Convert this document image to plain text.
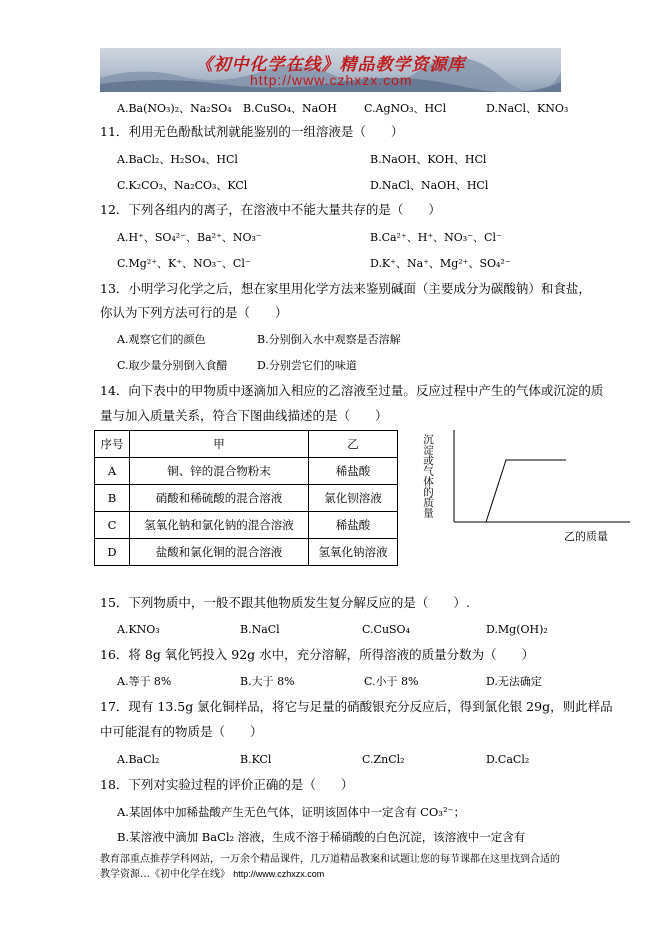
《初中化学在线》精品教学资源库
http://www.czhxzx.com
A.Ba(NO₃)₂、Na₂SO₄ B.CuSO₄、NaOH C.AgNO₃、HCl	D.NaCl、KNO₃
11．利用无色酚酞试剂就能鉴别的一组溶液是（　　）
A.BaCl₂、H₂SO₄、HCl	B.NaOH、KOH、HCl
C.K₂CO₃、Na₂CO₃、KCl	D.NaCl、NaOH、HCl
12．下列各组内的离子，在溶液中不能大量共存的是（　　）
A.H⁺、SO₄²⁻、Ba²⁺、NO₃⁻	B.Ca²⁺、H⁺、NO₃⁻、Cl⁻
C.Mg²⁺、K⁺、NO₃⁻、Cl⁻	D.K⁺、Na⁺、Mg²⁺、SO₄²⁻
13．小明学习化学之后，想在家里用化学方法来鉴别碱面（主要成分为碳酸钠）和食盐，
你认为下列方法可行的是（　　）
A.观察它们的颜色	B.分别倒入水中观察是否溶解
C.取少量分别倒入食醋	D.分别尝它们的味道
14．向下表中的甲物质中逐滴加入相应的乙溶液至过量。反应过程中产生的气体或沉淀的质
量与加入质量关系，符合下图曲线描述的是（　　）
序号	甲	乙
A	铜、锌的混合物粉末	稀盐酸
B	硝酸和稀硫酸的混合溶液	氯化钡溶液
C	氢氧化钠和氯化钠的混合溶液	稀盐酸
D	盐酸和氯化铜的混合溶液	氢氧化钠溶液
沉淀或气体的质量
乙的质量
15．下列物质中，一般不跟其他物质发生复分解反应的是（　　）.
A.KNO₃	B.NaCl	C.CuSO₄	D.Mg(OH)₂
16．将 8g 氧化钙投入 92g 水中，充分溶解，所得溶液的质量分数为（　　）
A.等于 8%	B.大于 8%	C.小于 8%	D.无法确定
17．现有 13.5g 氯化铜样品，将它与足量的硝酸银充分反应后，得到氯化银 29g，则此样品
中可能混有的物质是（　　）
A.BaCl₂	B.KCl	C.ZnCl₂	D.CaCl₂
18．下列对实验过程的评价正确的是（　　）
A.某固体中加稀盐酸产生无色气体，证明该固体中一定含有 CO₃²⁻；
B.某溶液中滴加 BaCl₂ 溶液，生成不溶于稀硝酸的白色沉淀，该溶液中一定含有
教育部重点推荐学科网站，一万余个精品课件，几万道精品教案和试题让您的每节课都在这里找到合适的
教学资源…《初中化学在线》 http://www.czhxzx.com
